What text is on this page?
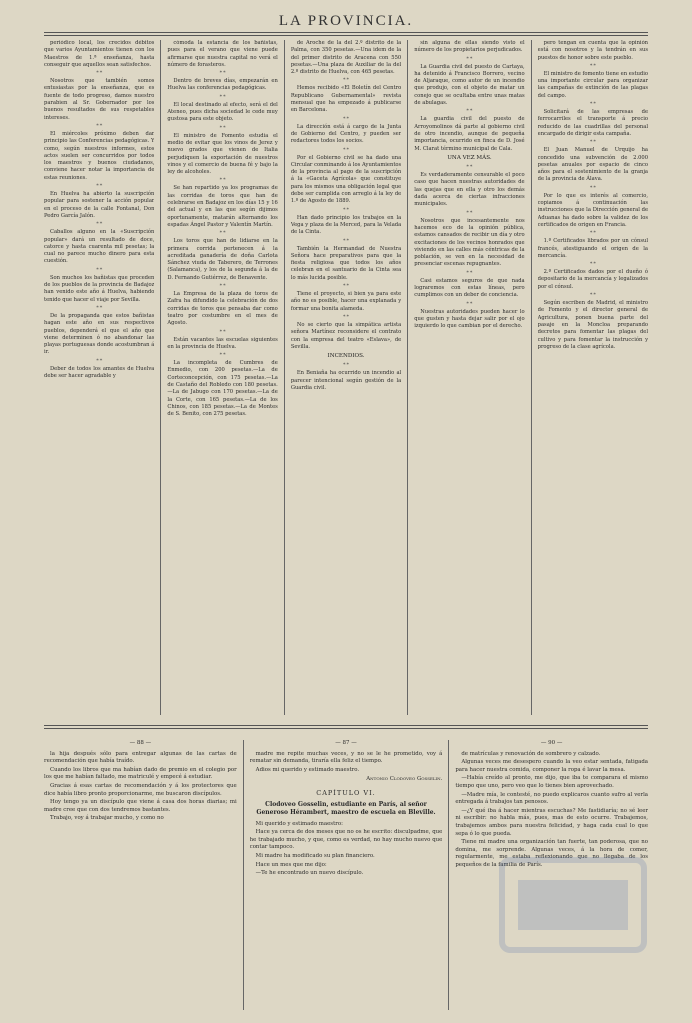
LA PROVINCIA.

periódico local, los crecidos débitos que varios Ayuntamientos tienen con los Maestros de 1.ª enseñanza, hasta conseguir que aquellos sean satisfechos.

* *

Nosotros que también somos entusiastas por la enseñanza, que es fuente de todo progreso, damos nuestro parabien al Sr. Gobernador por los buenos resultados de sus respetables intereses.

* *

El miércoles próximo deben dar principio las Conferencias pedagógicas. Y como, según nuestros informes, estos actos suelen ser concurridos por todos los maestros y buenos ciudadanos, conviene hacer notar la importancia de estas reuniones.

* *

En Huelva ha abierto la suscripción popular para sostener la acción popular en el proceso de la calle Fontanal, Don Pedro García Jalón.

* *

Caballos alguno en la «Suscripción popular» dará un resultado de doce, catorce y hasta cuarenta mil pesetas; la cual no parece mucho dinero para esta cuestión.

* *

Son muchos los bañistas que proceden de los pueblos de la provincia de Badajoz han venido este año á Huelva, habiendo tenido que hacer el viaje por Sevilla.

* *

De la propaganda que estos bañistas hagan este año en sus respectivos pueblos, dependerá el que el año que viene determinen ó no abandonar las playas portuguesas donde acostumbran á ir.

* *

Deber de todos los amantes de Huelva debe ser hacer agradable y

cómoda la estancia de los bañistas, pues para el verano que viene puede afirmarse que nuestra capital no verá el número de forasteros.

* *

Dentro de breves días, empezarán en Huelva las conferencias pedagógicas.

* *

El local destinado al efecto, será el del Ateneo, pues dicha sociedad le cede muy gustosa para este objeto.

* *

El ministro de Fomento estudia el medio de evitar que los vinos de Jerez y nuevo grados que vienen de Italia perjudiquen la exportación de nuestros vinos y el comercio de buena fé y bajo la ley de alcoholes.

* *

Se han repartido ya los programas de las corridas de toros que han de celebrarse en Badajoz en los días 15 y 16 del actual y en las que según dijimos oportunamente, matarán alternando los espadas Ángel Pastor y Valentín Martín.

* *

Los toros que han de lidiarse en la primera corrida pertenecen á la acreditada ganadería de doña Carlota Sánchez viuda de Taberero, de Terrones (Salamanca), y los de la segunda á la de D. Fernando Gutiérrez, de Benavente.

* *

La Empresa de la plaza de toros de Zafra ha difundido la celebración de dos corridas de toros que pensaba dar como teatro por costumbre en el mes de Agosto.

* *

Están vacantes las escuelas siguientes en la provincia de Huelva.

* *

La incompleta de Cumbres de Enmedio, con 200 pesetas.—La de Corteconcepción, con 175 pesetas.—La de Castaño del Robledo con 180 pesetas.—La de Jabugo con 170 pesetas.—La de la Corte, con 165 pesetas.—La de los Chinos, con 185 pesetas.—La de Montes de S. Benito, con 275 pesetas.

de Aroche de la del 2.º distrito de la Palma, con 350 pesetas.—Una idem de la del primer distrito de Aracena con 550 pesetas.—Una plaza de Auxiliar de la del 2.º distrito de Huelva, con 465 pesetas.

* *

Hemos recibido «El Boletín del Centro Republicano Gubernamental» revista mensual que ha empezado á publicarse en Barcelona.

* *

La dirección está á cargo de la Junta de Gobierno del Centro, y pueden ser redactores todos los socios.

* *

Por el Gobierno civil se ha dado una Circular conminando á los Ayuntamientos de la provincia al pago de la suscripción á la «Gaceta Agrícola» que constituye para los mismos una obligación legal que debe ser cumplida con arreglo á la ley de 1.º de Agosto de 1889.

* *

Han dado principio los trabajos en la Vega y plaza de la Merced, para la Velada de la Cinta.

* *

También la Hermandad de Nuestra Señora hace preparativos para que la fiesta religiosa que todos los años celebran en el santuario de la Cinta sea lo más lucida posible.

* *

Tiene el proyecto, si bien ya para este año no es posible, hacer una explanada y formar una bonita alameda.

* *

No se cierto que la simpática artista señora Martínez reconsidere el contrato con la empresa del teatro «Eslava», de Sevilla.

INCENDIOS.
* *

En Beniaña ha ocurrido un incendio al parecer intencional según gestión de la Guardia civil.

sin alguna de ellas siendo visto el número de los propietarios perjudicados.

* *

La Guardia civil del puesto de Cartaya, ha detenido á Francisco Borrero, vecino de Aljaraque, como autor de un incendio que produjo, con el objeto de matar un conejo que se ocultaba entre unas matas de abulagas.

* *

La guardia civil del puesto de Arroyomolinos dá parte al gobierno civil de otro incendio, aunque de pequeña importancia, ocurrido en finca de D. José M. Clarat término municipal de Cala.

UNA VEZ MÁS.
* *

Es verdaderamente censurable el poco caso que hacen nuestras autoridades de las quejas que en ella y otro los demás dada acerca de ciertas infracciones municipales.

* *

Nosotros que incesantemente nos hacemos eco de la opinión pública, estamos cansados de recibir un día y otro excitaciones de los vecinos honrados que viviendo en las calles más céntricas de la población, se ven en la necesidad de presenciar escenas repugnantes.

* *

Casi estamos seguros de que nada lograremos con estas líneas, pero cumplimos con un deber de conciencia.

* *

Nuestras autoridades pueden hacer lo que gusten y hasta dejar salir por el ojo izquierdo lo que cambian por el derecho.

pero tengan en cuenta que la opinión está con nosotros y la tendrán en sus puestos de honor sobre este pueblo.

* *

El ministro de fomento tiene en estudio una importante circular para organizar las campañas de extinción de las plagas del campo.

* *

Solicitará de las empresas de ferrocarriles el transporte á precio reducido de las cuadrillas del personal encargado de dirigir esta campaña.

* *

El Juan Manuel de Urquijo ha concedido una subvención de 2.000 pesetas anuales por espacio de cinco años para el sostenimiento de la granja de la provincia de Álava.

* *

Por lo que es interés al comercio, copiamos á continuación las instrucciones que la Dirección general de Aduanas ha dado sobre la validez de los certificados de origen en Francia.

* *

1.º Certificados librados por un cónsul francés, atestiguando el origen de la mercancía.

* *

2.º Certificados dados por el dueño ó depositario de la mercancía y legalizados por el cónsul.

* *

Según escriben de Madrid, el ministro de Fomento y el director general de Agricultura, ponen buena parte del pasaje en la Moncloa preparando decretos para fomentar las plagas del cultivo y para fomentar la instrucción y progreso de la clase agrícola.

— 88 —

la hija después sólo para entregar algunas de las cartas de recomendación que había traído.

Cuando los libros que ma habían dado de premio en el colegio por los que me habían faltado, me matriculé y empecé á estudiar.

Gracias á esas cartas de recomendación y á los protectores que dice había libro pronto proporcionarme, me buscaron discípulos.

Hoy tengo ya un discípulo que viene á casa dos horas diarias; mi madre cree que con dos tendremos bastantes.

Trabajo, voy á trabajar mucho, y como no

— 87 —

madre me repite muchas veces, y no se le he prometido, voy á rematar sin demanda, tiraría ella feliz el tiempo.

Adios mi querido y estimado maestro.

Antonio Clodoveo Gosselin.
CAPÍTULO VI.
Clodoveo Gosselin, estudiante en París, al señor Generoso Hérambert, maestro de escuela en Bleville.

Mi querido y estimado maestro:

Hace ya cerca de dos meses que no os he escrito: disculpadme, que he trabajado mucho, y que, como es verdad, no hay mucho nuevo que contar tampoco.

Mi madre ha modificado su plan financiero.

Hace un mes que me dijo:

—Te he encontrado un nuevo discípulo.

— 90 —

de matrículas y renovación de sombrero y calzado.

Algunas veces me desespero cuando la veo estar sentada, fatigada para hacer nuestra comida, componer la ropa é lavar la mesa.

—Había creído al pronto, me dijo, que iba te comparara el mismo tiempo que uno, pero veo que lo tienes bien aprovechado.

—Madre mía, le contesté, no puedo explicaros cuanto sufro al verla entregada á trabajos tan penosos.

—¿Y qué iba á hacer mientras escuchas? Me fastidiaría; no sé leer ni escribir: no habla más, pues, mas de esto ocurre. Trabajemos, trabajemos ambos para nuestra felicidad, y haga cada cual lo que sepa ó lo que pueda.

Tiene mi madre una organización tan fuerte, tan poderosa, que no domina, me sorprende. Algunas veces, á la hora de comer, regularmente, me estaba reflexionando que no llegaba de los pequeños de la familia de París.
